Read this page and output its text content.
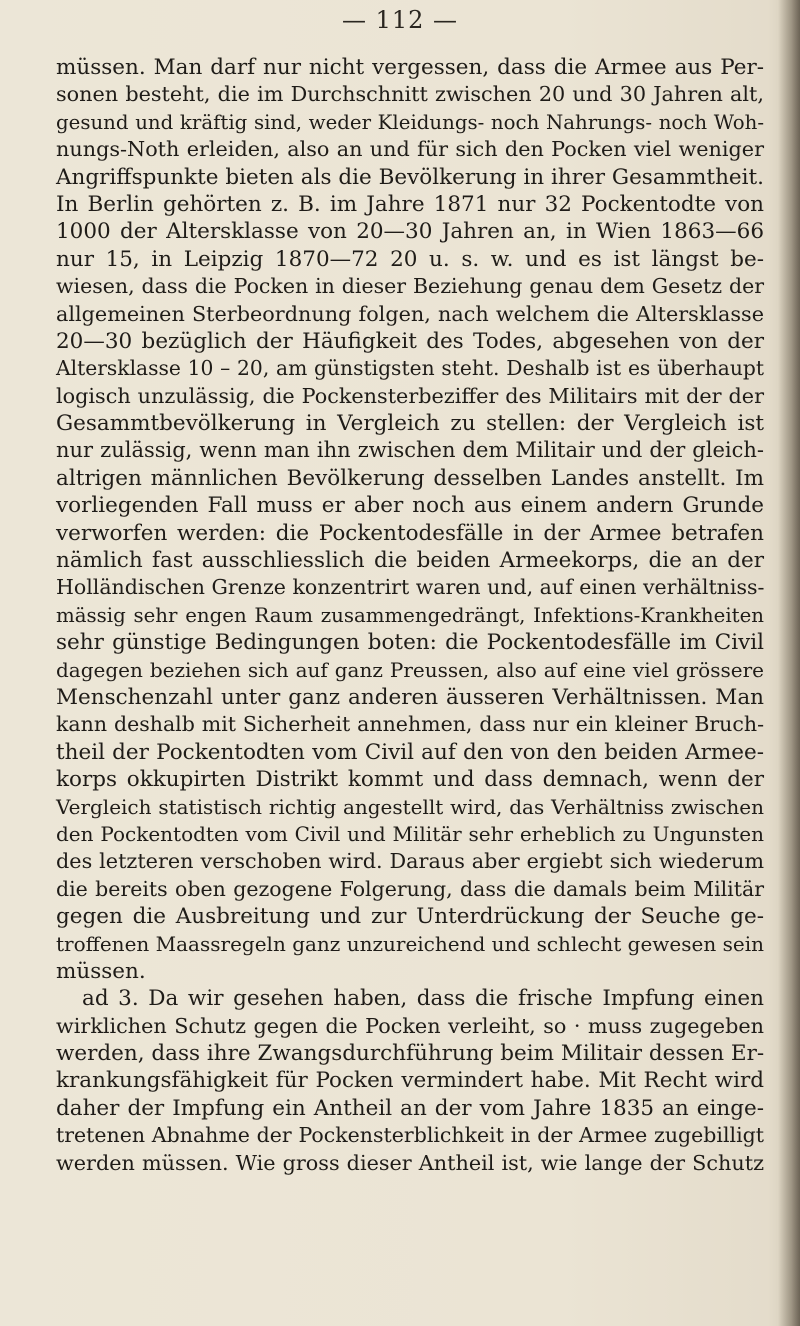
— 112 —
müssen. Man darf nur nicht vergessen, dass die Armee aus Per-
sonen besteht, die im Durchschnitt zwischen 20 und 30 Jahren alt,
gesund und kräftig sind, weder Kleidungs- noch Nahrungs- noch Woh-
nungs-Noth erleiden, also an und für sich den Pocken viel weniger
Angriffspunkte bieten als die Bevölkerung in ihrer Gesammtheit.
In Berlin gehörten z. B. im Jahre 1871 nur 32 Pockentodte von
1000 der Altersklasse von 20—30 Jahren an, in Wien 1863—66
nur 15, in Leipzig 1870—72 20 u. s. w. und es ist längst be-
wiesen, dass die Pocken in dieser Beziehung genau dem Gesetz der
allgemeinen Sterbeordnung folgen, nach welchem die Altersklasse
20—30 bezüglich der Häufigkeit des Todes, abgesehen von der
Altersklasse 10 – 20, am günstigsten steht. Deshalb ist es überhaupt
logisch unzulässig, die Pockensterbeziffer des Militairs mit der der
Gesammtbevölkerung in Vergleich zu stellen: der Vergleich ist
nur zulässig, wenn man ihn zwischen dem Militair und der gleich-
altrigen männlichen Bevölkerung desselben Landes anstellt. Im
vorliegenden Fall muss er aber noch aus einem andern Grunde
verworfen werden: die Pockentodesfälle in der Armee betrafen
nämlich fast ausschliesslich die beiden Armeekorps, die an der
Holländischen Grenze konzentrirt waren und, auf einen verhältniss-
mässig sehr engen Raum zusammengedrängt, Infektions-Krankheiten
sehr günstige Bedingungen boten: die Pockentodesfälle im Civil
dagegen beziehen sich auf ganz Preussen, also auf eine viel grössere
Menschenzahl unter ganz anderen äusseren Verhältnissen. Man
kann deshalb mit Sicherheit annehmen, dass nur ein kleiner Bruch-
theil der Pockentodten vom Civil auf den von den beiden Armee-
korps okkupirten Distrikt kommt und dass demnach, wenn der
Vergleich statistisch richtig angestellt wird, das Verhältniss zwischen
den Pockentodten vom Civil und Militär sehr erheblich zu Ungunsten
des letzteren verschoben wird. Daraus aber ergiebt sich wiederum
die bereits oben gezogene Folgerung, dass die damals beim Militär
gegen die Ausbreitung und zur Unterdrückung der Seuche ge-
troffenen Maassregeln ganz unzureichend und schlecht gewesen sein
müssen.
ad 3. Da wir gesehen haben, dass die frische Impfung einen
wirklichen Schutz gegen die Pocken verleiht, so · muss zugegeben
werden, dass ihre Zwangsdurchführung beim Militair dessen Er-
krankungsfähigkeit für Pocken vermindert habe. Mit Recht wird
daher der Impfung ein Antheil an der vom Jahre 1835 an einge-
tretenen Abnahme der Pockensterblichkeit in der Armee zugebilligt
werden müssen. Wie gross dieser Antheil ist, wie lange der Schutz
